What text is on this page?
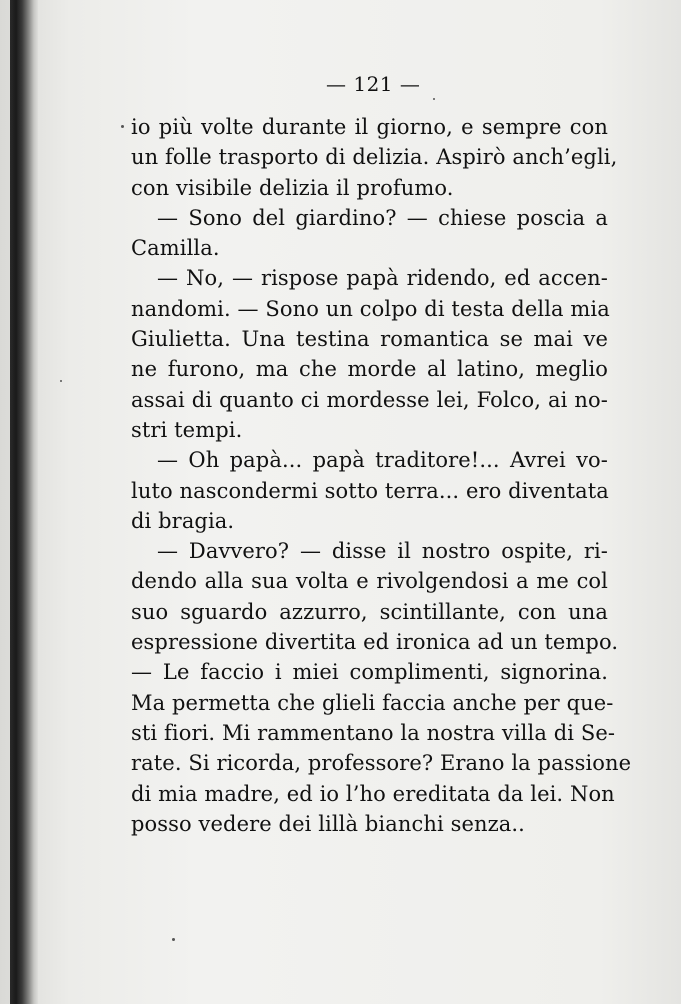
— 121 —
io più volte durante il giorno, e sempre con
un folle trasporto di delizia. Aspirò anch’egli,
con visibile delizia il profumo.
— Sono del giardino? — chiese poscia a
Camilla.
— No, — rispose papà ridendo, ed accen-
nandomi. — Sono un colpo di testa della mia
Giulietta. Una testina romantica se mai ve
ne furono, ma che morde al latino, meglio
assai di quanto ci mordesse lei, Folco, ai no-
stri tempi.
— Oh papà... papà traditore!... Avrei vo-
luto nascondermi sotto terra... ero diventata
di bragia.
— Davvero? — disse il nostro ospite, ri-
dendo alla sua volta e rivolgendosi a me col
suo sguardo azzurro, scintillante, con una
espressione divertita ed ironica ad un tempo.
— Le faccio i miei complimenti, signorina.
Ma permetta che glieli faccia anche per que-
sti fiori. Mi rammentano la nostra villa di Se-
rate. Si ricorda, professore? Erano la passione
di mia madre, ed io l’ho ereditata da lei. Non
posso vedere dei lillà bianchi senza..
